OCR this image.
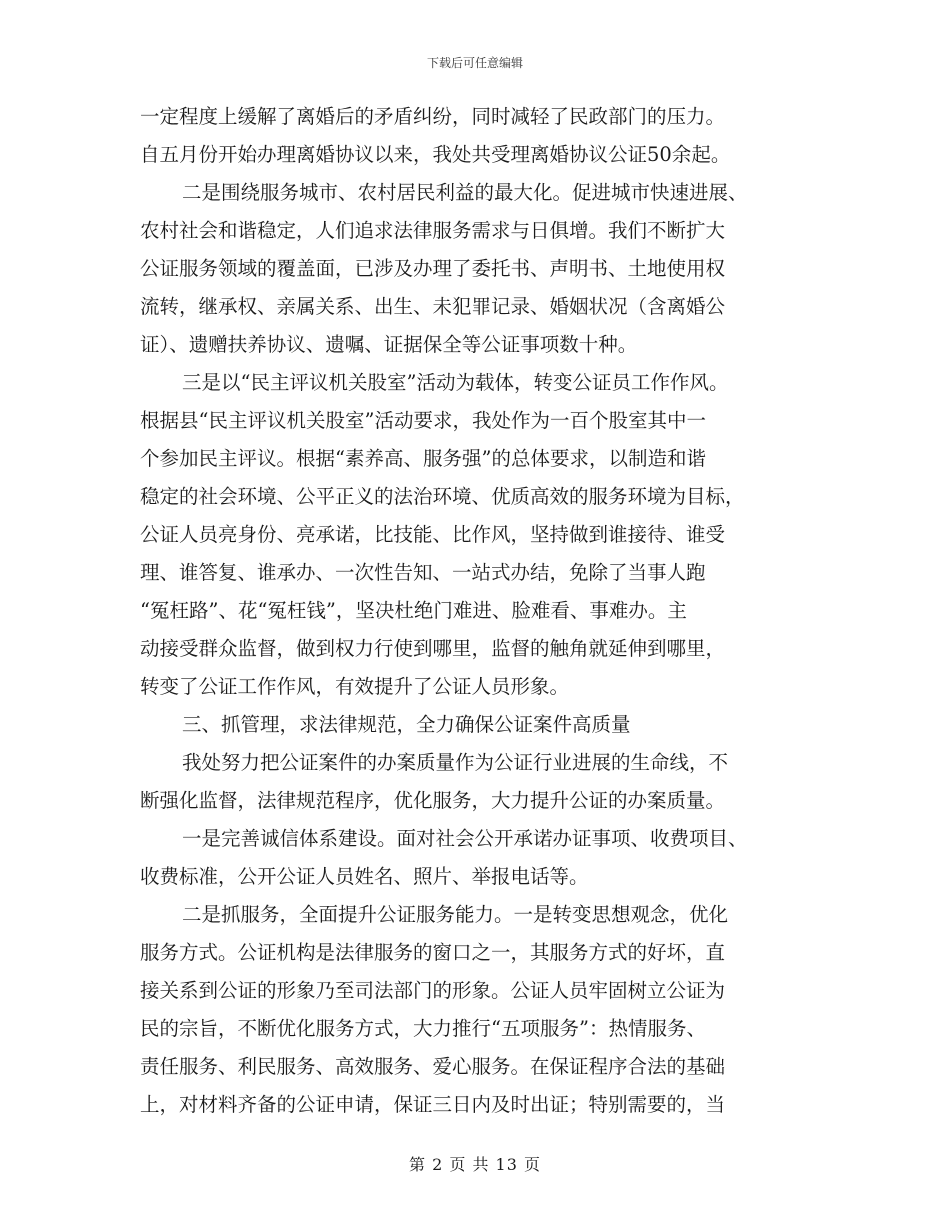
下载后可任意编辑
一定程度上缓解了离婚后的矛盾纠纷，同时减轻了民政部门的压力。
自五月份开始办理离婚协议以来，我处共受理离婚协议公证50余起。
二是围绕服务城市、农村居民利益的最大化。促进城市快速进展、
农村社会和谐稳定，人们追求法律服务需求与日俱增。我们不断扩大
公证服务领域的覆盖面，已涉及办理了委托书、声明书、土地使用权
流转，继承权、亲属关系、出生、未犯罪记录、婚姻状况（含离婚公
证）、遗赠扶养协议、遗嘱、证据保全等公证事项数十种。
三是以“民主评议机关股室”活动为载体，转变公证员工作作风。
根据县“民主评议机关股室”活动要求，我处作为一百个股室其中一
个参加民主评议。根据“素养高、服务强”的总体要求，以制造和谐
稳定的社会环境、公平正义的法治环境、优质高效的服务环境为目标，
公证人员亮身份、亮承诺，比技能、比作风，坚持做到谁接待、谁受
理、谁答复、谁承办、一次性告知、一站式办结，免除了当事人跑
“冤枉路”、花“冤枉钱”，坚决杜绝门难进、脸难看、事难办。主
动接受群众监督，做到权力行使到哪里，监督的触角就延伸到哪里，
转变了公证工作作风，有效提升了公证人员形象。
三、抓管理，求法律规范，全力确保公证案件高质量
我处努力把公证案件的办案质量作为公证行业进展的生命线，不
断强化监督，法律规范程序，优化服务，大力提升公证的办案质量。
一是完善诚信体系建设。面对社会公开承诺办证事项、收费项目、
收费标准，公开公证人员姓名、照片、举报电话等。
二是抓服务，全面提升公证服务能力。一是转变思想观念，优化
服务方式。公证机构是法律服务的窗口之一，其服务方式的好坏，直
接关系到公证的形象乃至司法部门的形象。公证人员牢固树立公证为
民的宗旨，不断优化服务方式，大力推行“五项服务”：热情服务、
责任服务、利民服务、高效服务、爱心服务。在保证程序合法的基础
上，对材料齐备的公证申请，保证三日内及时出证；特别需要的，当
第 2 页 共 13 页
